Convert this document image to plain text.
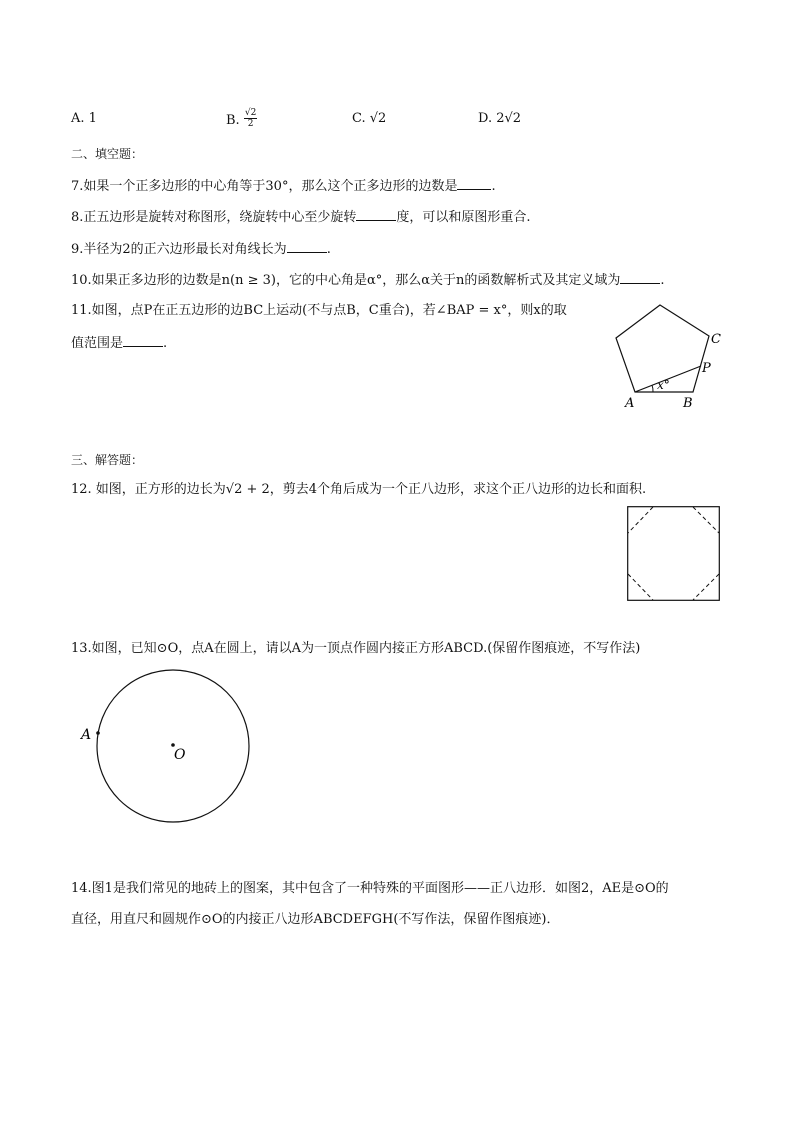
A. 1	B. $\frac{√2}{2}$	C. √2	D. 2√2
二、填空题：
7.如果一个正多边形的中心角等于30°，那么这个正多边形的边数是	.
8.正五边形是旋转对称图形，绕旋转中心至少旋转	度，可以和原图形重合.
9.半径为2的正六边形最长对角线长为	.
10.如果正多边形的边数是n(n ≥ 3)，它的中心角是α°，那么α关于n的函数解析式及其定义域为	.
11.如图，点P在正五边形的边BC上运动(不与点B，C重合)，若∠BAP = x°，则x的取
值范围是	.
x°
C
P
A	B
三、解答题：
12. 如图，正方形的边长为√2 + 2，剪去4个角后成为一个正八边形，求这个正八边形的边长和面积.
13.如图，已知⊙O，点A在圆上，请以A为一顶点作圆内接正方形ABCD.(保留作图痕迹，不写作法)
A
O
14.图1是我们常见的地砖上的图案，其中包含了一种特殊的平面图形——正八边形．如图2，AE是⊙O的
直径，用直尺和圆规作⊙O的内接正八边形ABCDEFGH(不写作法，保留作图痕迹)．
